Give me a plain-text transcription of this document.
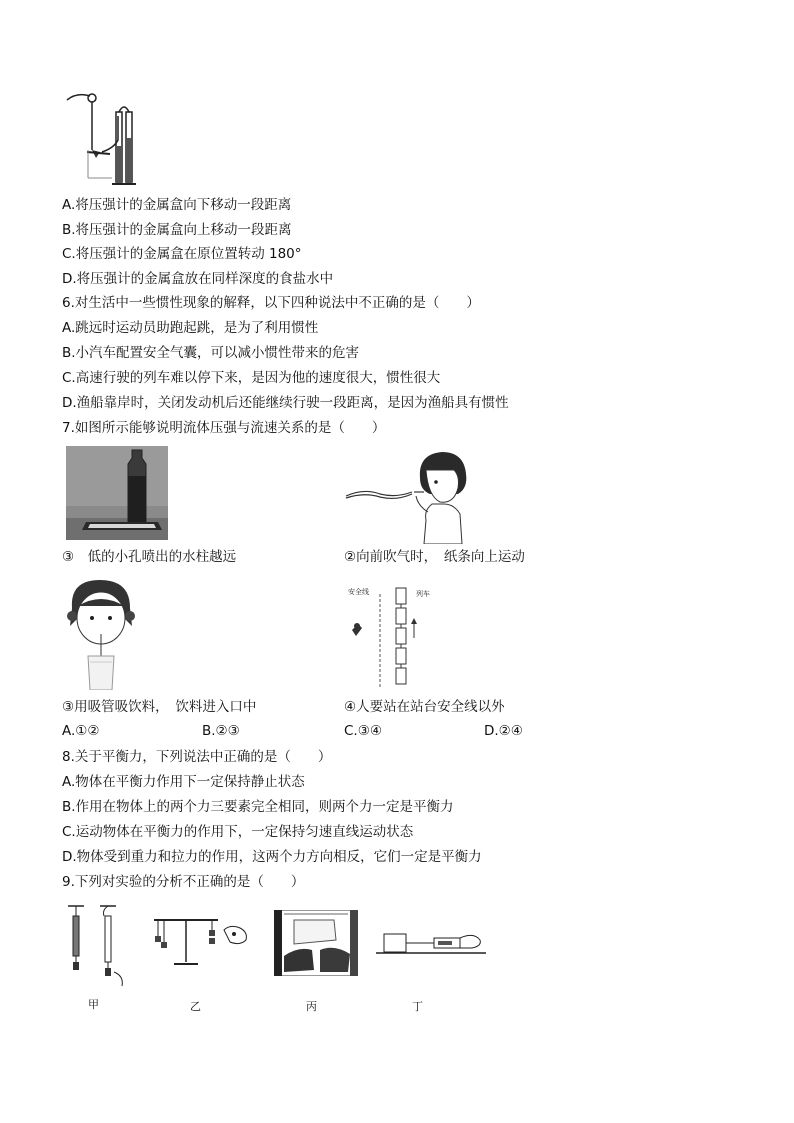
A.将压强计的金属盒向下移动一段距离
B.将压强计的金属盒向上移动一段距离
C.将压强计的金属盒在原位置转动 180°
D.将压强计的金属盒放在同样深度的食盐水中
6.对生活中一些惯性现象的解释，以下四种说法中不正确的是（　　）
A.跳远时运动员助跑起跳，是为了利用惯性
B.小汽车配置安全气囊，可以减小惯性带来的危害
C.高速行驶的列车难以停下来，是因为他的速度很大，惯性很大
D.渔船靠岸时，关闭发动机后还能继续行驶一段距离，是因为渔船具有惯性
7.如图所示能够说明流体压强与流速关系的是（　　）
③　低的小孔喷出的水柱越远	②向前吹气时，　纸条向上运动
安全线	列车
③用吸管吸饮料，　饮料进入口中	④人要站在站台安全线以外
A.①②	B.②③	C.③④	D.②④
8.关于平衡力，下列说法中正确的是（　　）
A.物体在平衡力作用下一定保持静止状态
B.作用在物体上的两个力三要素完全相同，则两个力一定是平衡力
C.运动物体在平衡力的作用下，一定保持匀速直线运动状态
D.物体受到重力和拉力的作用，这两个力方向相反，它们一定是平衡力
9.下列对实验的分析不正确的是（　　）
甲	乙	丙	丁
